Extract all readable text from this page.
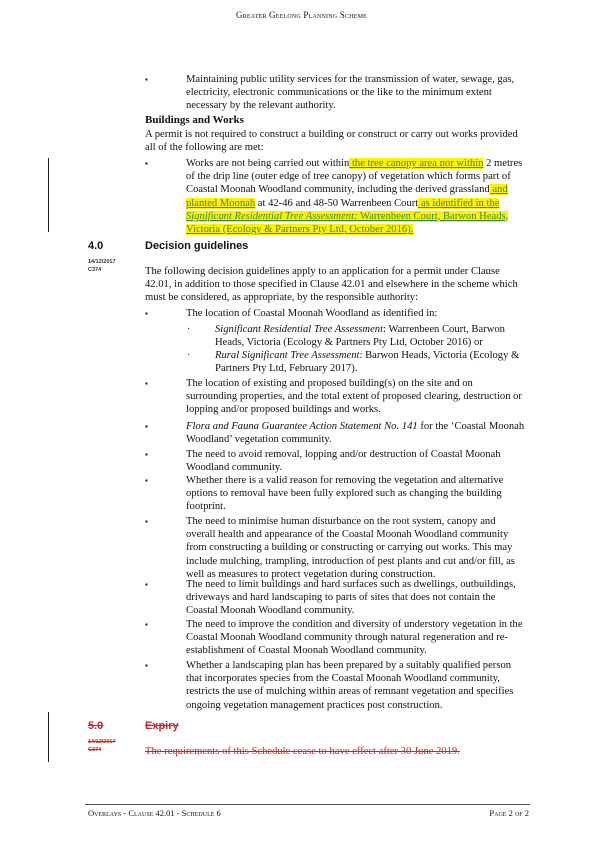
Greater Geelong Planning Scheme
▪	Maintaining public utility services for the transmission of water, sewage, gas, electricity, electronic communications or the like to the minimum extent necessary by the relevant authority.
Buildings and Works
A permit is not required to construct a building or construct or carry out works provided all of the following are met:
▪	Works are not being carried out within the tree canopy area nor within 2 metres of the drip line (outer edge of tree canopy) of vegetation which forms part of Coastal Moonah Woodland community, including the derived grassland and planted Moonah at 42-46 and 48-50 Warrenbeen Court as identified in the Significant Residential Tree Assessment: Warrenbeen Court, Barwon Heads, Victoria (Ecology & Partners Pty Ltd, October 2016).
4.0	Decision guidelines
14/12/2017
C374	The following decision guidelines apply to an application for a permit under Clause 42.01, in addition to those specified in Clause 42.01 and elsewhere in the scheme which must be considered, as appropriate, by the responsible authority:
▪	The location of Coastal Moonah Woodland as identified in:
·	Significant Residential Tree Assessment: Warrenbeen Court, Barwon Heads, Victoria (Ecology & Partners Pty Ltd, October 2016) or
·	Rural Significant Tree Assessment: Barwon Heads, Victoria (Ecology & Partners Pty Ltd, February 2017).
▪	The location of existing and proposed building(s) on the site and on surrounding properties, and the total extent of proposed clearing, destruction or lopping and/or proposed buildings and works.
▪	Flora and Fauna Guarantee Action Statement No. 141 for the ‘Coastal Moonah Woodland’ vegetation community.
▪	The need to avoid removal, lopping and/or destruction of Coastal Moonah Woodland community.
▪	Whether there is a valid reason for removing the vegetation and alternative options to removal have been fully explored such as changing the building footprint.
▪	The need to minimise human disturbance on the root system, canopy and overall health and appearance of the Coastal Moonah Woodland community from constructing a building or constructing or carrying out works. This may include mulching, trampling, introduction of pest plants and cut and/or fill, as well as measures to protect vegetation during construction.
▪	The need to limit buildings and hard surfaces such as dwellings, outbuildings, driveways and hard landscaping to parts of sites that does not contain the Coastal Moonah Woodland community.
▪	The need to improve the condition and diversity of understory vegetation in the Coastal Moonah Woodland community through natural regeneration and re-establishment of Coastal Moonah Woodland community.
▪	Whether a landscaping plan has been prepared by a suitably qualified person that incorporates species from the Coastal Moonah Woodland community, restricts the use of mulching within areas of remnant vegetation and specifies ongoing vegetation management practices post construction.
5.0	Expiry
14/12/2017
C374	The requirements of this Schedule cease to have effect after 30 June 2019.
Overlays - Clause 42.01 - Schedule 6	Page 2 of 2
